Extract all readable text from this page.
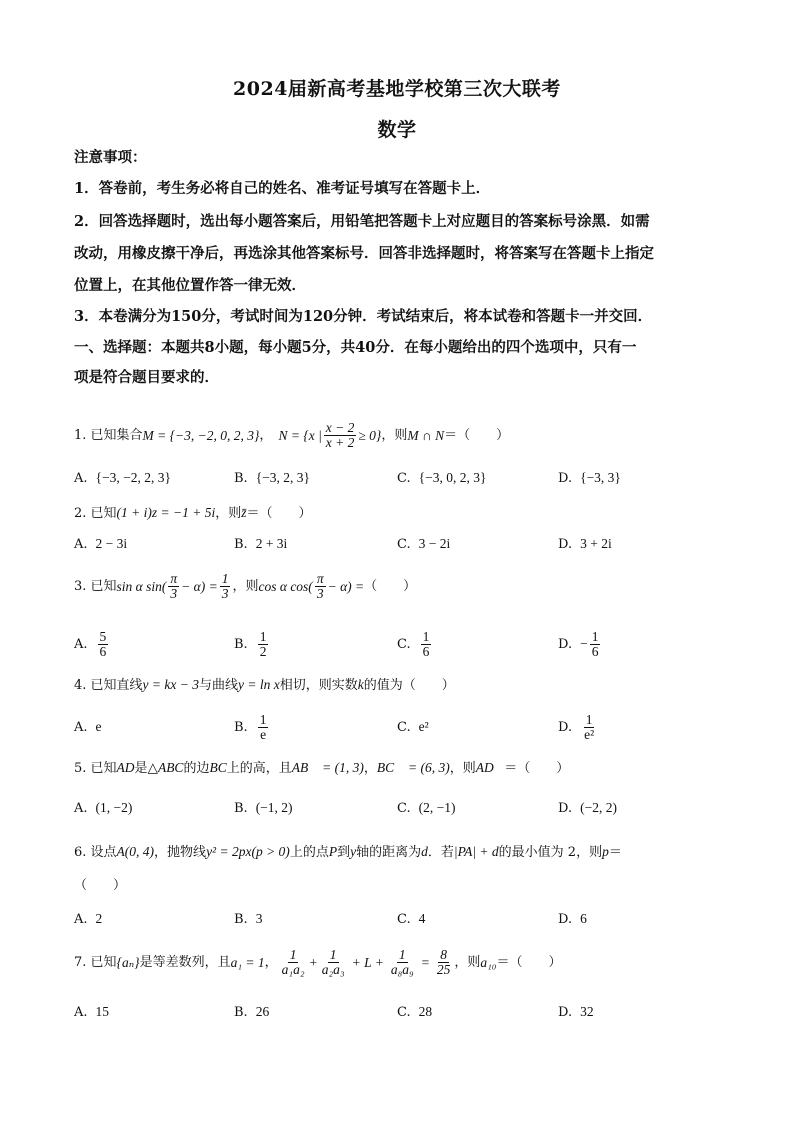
2024届新高考基地学校第三次大联考
数学
注意事项：
1．答卷前，考生务必将自己的姓名、准考证号填写在答题卡上．
2．回答选择题时，选出每小题答案后，用铅笔把答题卡上对应题目的答案标号涂黑．如需
改动，用橡皮擦干净后，再选涂其他答案标号．回答非选择题时，将答案写在答题卡上指定
位置上，在其他位置作答一律无效．
3．本卷满分为150分，考试时间为120分钟．考试结束后，将本试卷和答题卡一并交回．
一、选择题：本题共8小题，每小题5分，共40分．在每小题给出的四个选项中，只有一
项是符合题目要求的．
1. 已知集合 M = {−3, −2, 0, 2, 3} ， N = {x | $\frac{x - 2}{x + 2} \ge 0$} ，则 M ∩ N ＝（　　）
A. {−3, −2, 2, 3}	B. {−3, 2, 3}	C. {−3, 0, 2, 3}	D. {−3, 3}
2. 已知(1 + i)z = −1 + 5i，则z̄＝（　　）
A. 2 − 3i	B. 2 + 3i	C. 3 − 2i	D. 3 + 2i
3. 已知 sin α $\sin( \frac{\pi}{3} - \alpha) = \frac{1}{3}$ ，则 cos α $\cos( \frac{\pi}{3} - \alpha)$ = （　　）
A. $\frac{5}{6}$	B. $\frac{1}{2}$	C. $\frac{1}{6}$	D. − $\frac{1}{6}$
4. 已知直线y = kx − 3与曲线y = ln x相切，则实数k的值为（　　）
A. e	B. $\frac{1}{e}$	C. e²	D. $\frac{1}{\text{e²}}$
5. 已知AD是△ABC的边BC上的高，且AB⃗ = (1, 3)，BC⃗ = (6, 3)，则AD⃗＝（　　）
A. (1, −2)	B. (−1, 2)	C. (2, −1)	D. (−2, 2)
6. 设点A(0, 4)，抛物线y² = 2px(p > 0)上的点P到y轴的距离为d．若|PA| + d的最小值为 2，则p＝
（　　）
A. 2	B. 3	C. 4	D. 6
7. 已知 {aₙ} 是等差数列，且 a₁ = 1 ， $\frac{1}{\text{a₁a₂}} + \frac{1}{\text{a₂a₃}} + L + \frac{1}{\text{a₈a₉}} = \frac{8}{25}$ ，则 a₁₀ ＝（　　）
A. 15	B. 26	C. 28	D. 32
